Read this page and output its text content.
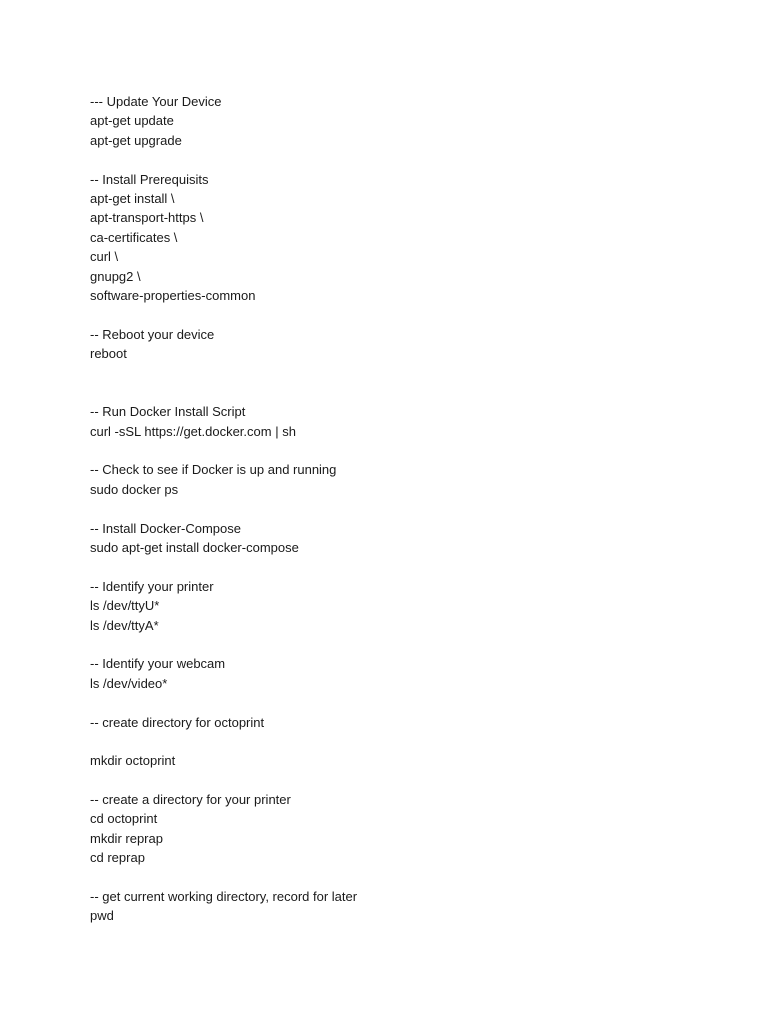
--- Update Your Device
apt-get update
apt-get upgrade
-- Install Prerequisits
apt-get install \
apt-transport-https \
ca-certificates \
curl \
gnupg2 \
software-properties-common
-- Reboot your device
reboot
-- Run Docker Install Script
curl -sSL https://get.docker.com | sh
-- Check to see if Docker is up and running
sudo docker ps
-- Install Docker-Compose
sudo apt-get install docker-compose
-- Identify your printer
ls /dev/ttyU*
ls /dev/ttyA*
-- Identify your webcam
ls /dev/video*
-- create directory for octoprint
mkdir octoprint
-- create a directory for your printer
cd octoprint
mkdir reprap
cd reprap
-- get current working directory, record for later
pwd
